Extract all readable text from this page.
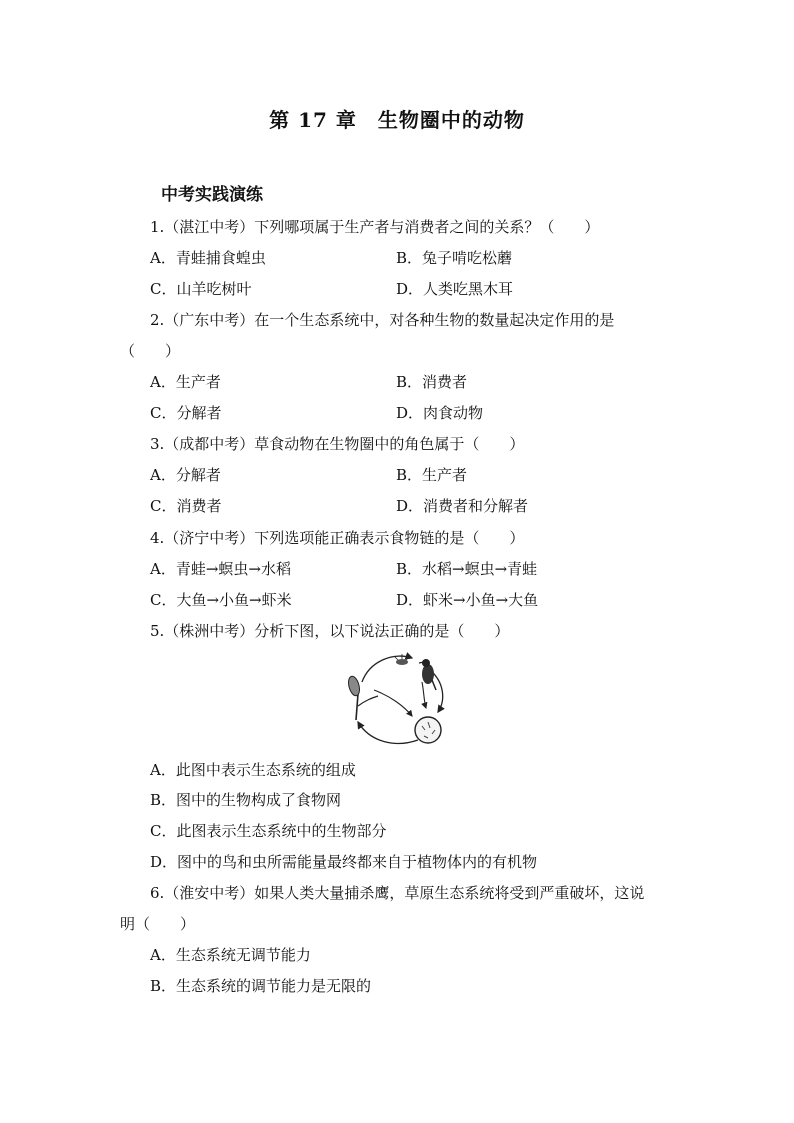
第 17 章　生物圈中的动物
中考实践演练
1.（湛江中考）下列哪项属于生产者与消费者之间的关系？（　　）
A．青蛙捕食蝗虫	B．兔子啃吃松蘑
C．山羊吃树叶	D．人类吃黑木耳
2.（广东中考）在一个生态系统中，对各种生物的数量起决定作用的是
（　　）
A．生产者	B．消费者
C．分解者	D．肉食动物
3.（成都中考）草食动物在生物圈中的角色属于（　　）
A．分解者	B．生产者
C．消费者	D．消费者和分解者
4.（济宁中考）下列选项能正确表示食物链的是（　　）
A．青蛙→螟虫→水稻	B．水稻→螟虫→青蛙
C．大鱼→小鱼→虾米	D．虾米→小鱼→大鱼
5.（株洲中考）分析下图，以下说法正确的是（　　）
A．此图中表示生态系统的组成
B．图中的生物构成了食物网
C．此图表示生态系统中的生物部分
D．图中的鸟和虫所需能量最终都来自于植物体内的有机物
6.（淮安中考）如果人类大量捕杀鹰，草原生态系统将受到严重破坏，这说
明（　　）
A．生态系统无调节能力
B．生态系统的调节能力是无限的
